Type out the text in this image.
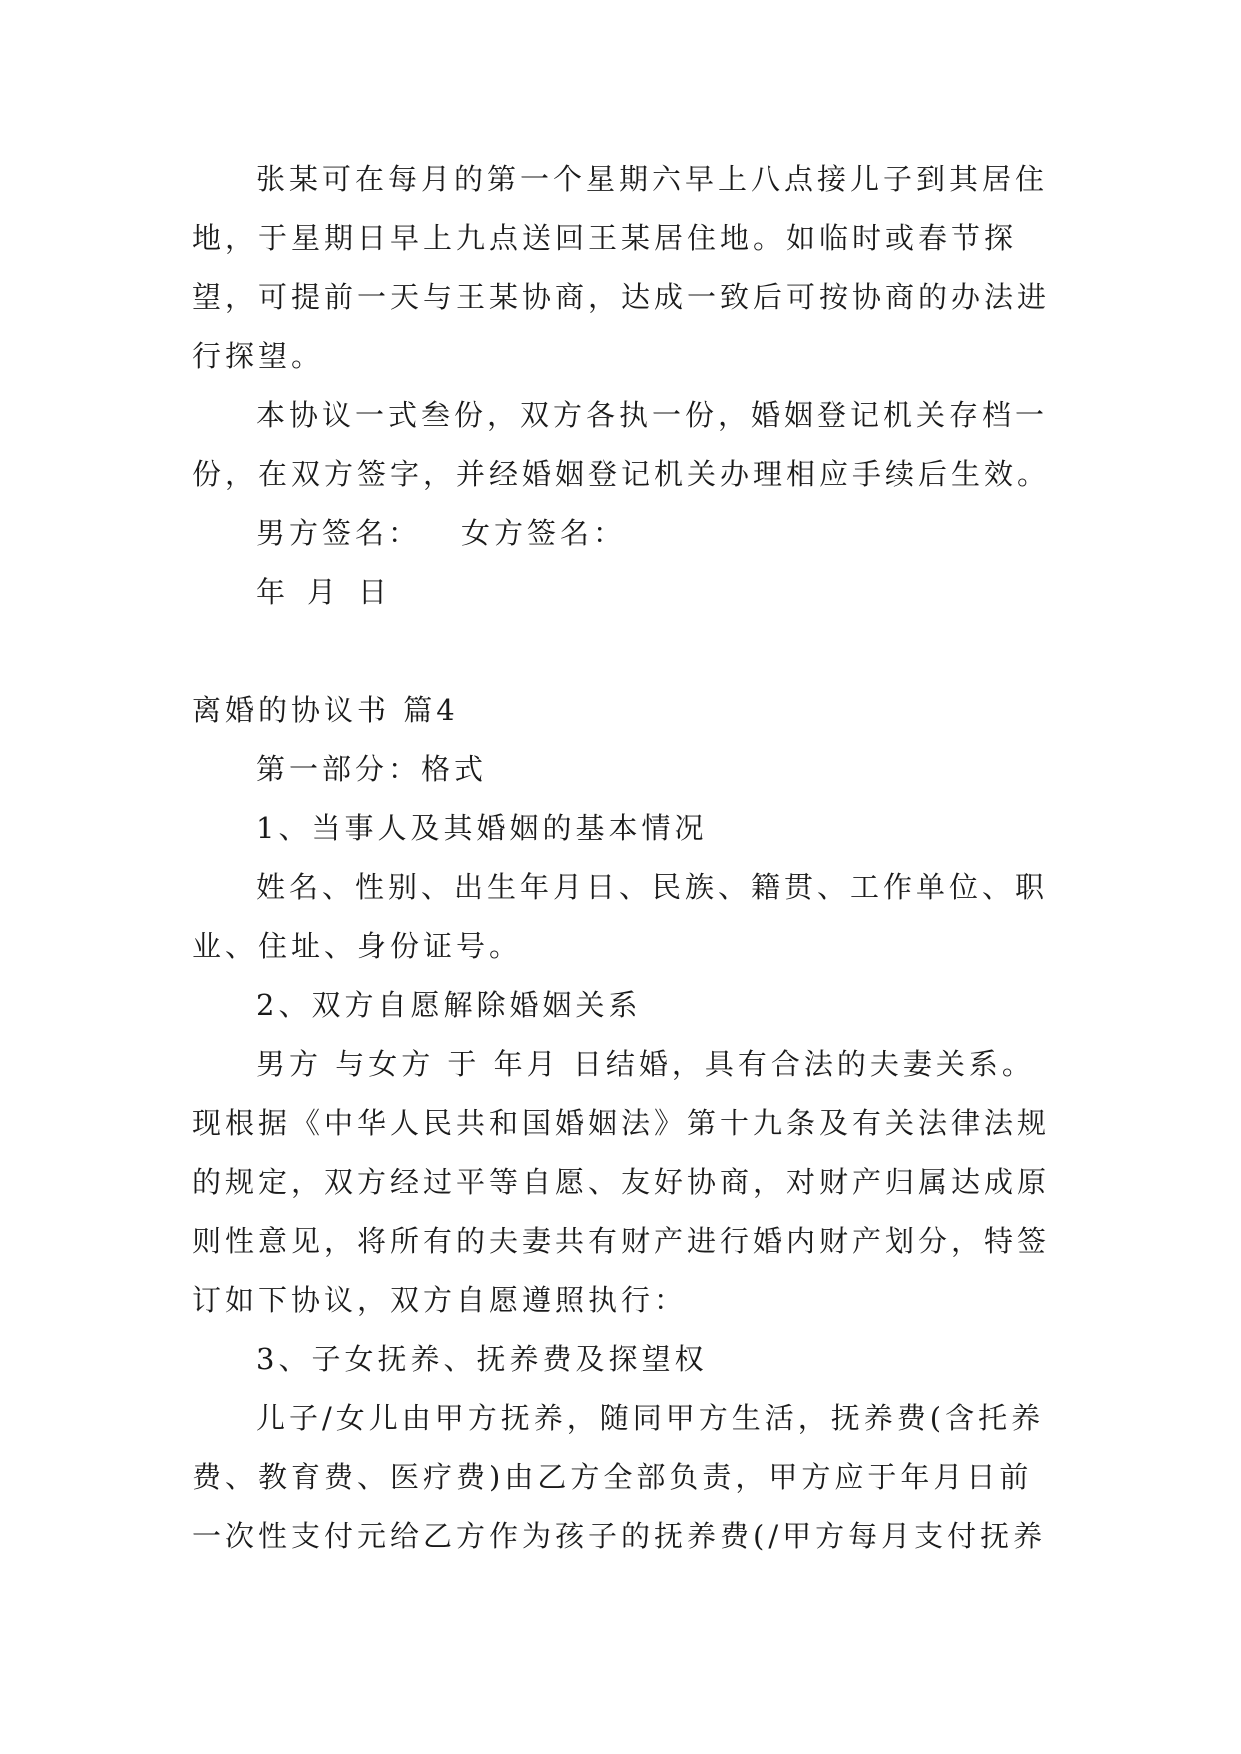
张某可在每月的第一个星期六早上八点接儿子到其居住地，于星期日早上九点送回王某居住地。如临时或春节探望，可提前一天与王某协商，达成一致后可按协商的办法进行探望。

本协议一式叁份，双方各执一份，婚姻登记机关存档一份，在双方签字，并经婚姻登记机关办理相应手续后生效。

男方签名： 女方签名：

年 月 日

离婚的协议书 篇4

第一部分：格式

1、当事人及其婚姻的基本情况

姓名、性别、出生年月日、民族、籍贯、工作单位、职业、住址、身份证号。

2、双方自愿解除婚姻关系

男方 与女方 于 年月 日结婚，具有合法的夫妻关系。现根据《中华人民共和国婚姻法》第十九条及有关法律法规的规定，双方经过平等自愿、友好协商，对财产归属达成原则性意见，将所有的夫妻共有财产进行婚内财产划分，特签订如下协议，双方自愿遵照执行：

3、子女抚养、抚养费及探望权

儿子/女儿由甲方抚养，随同甲方生活，抚养费(含托养费、教育费、医疗费)由乙方全部负责，甲方应于年月日前一次性支付元给乙方作为孩子的抚养费(/甲方每月支付抚养
